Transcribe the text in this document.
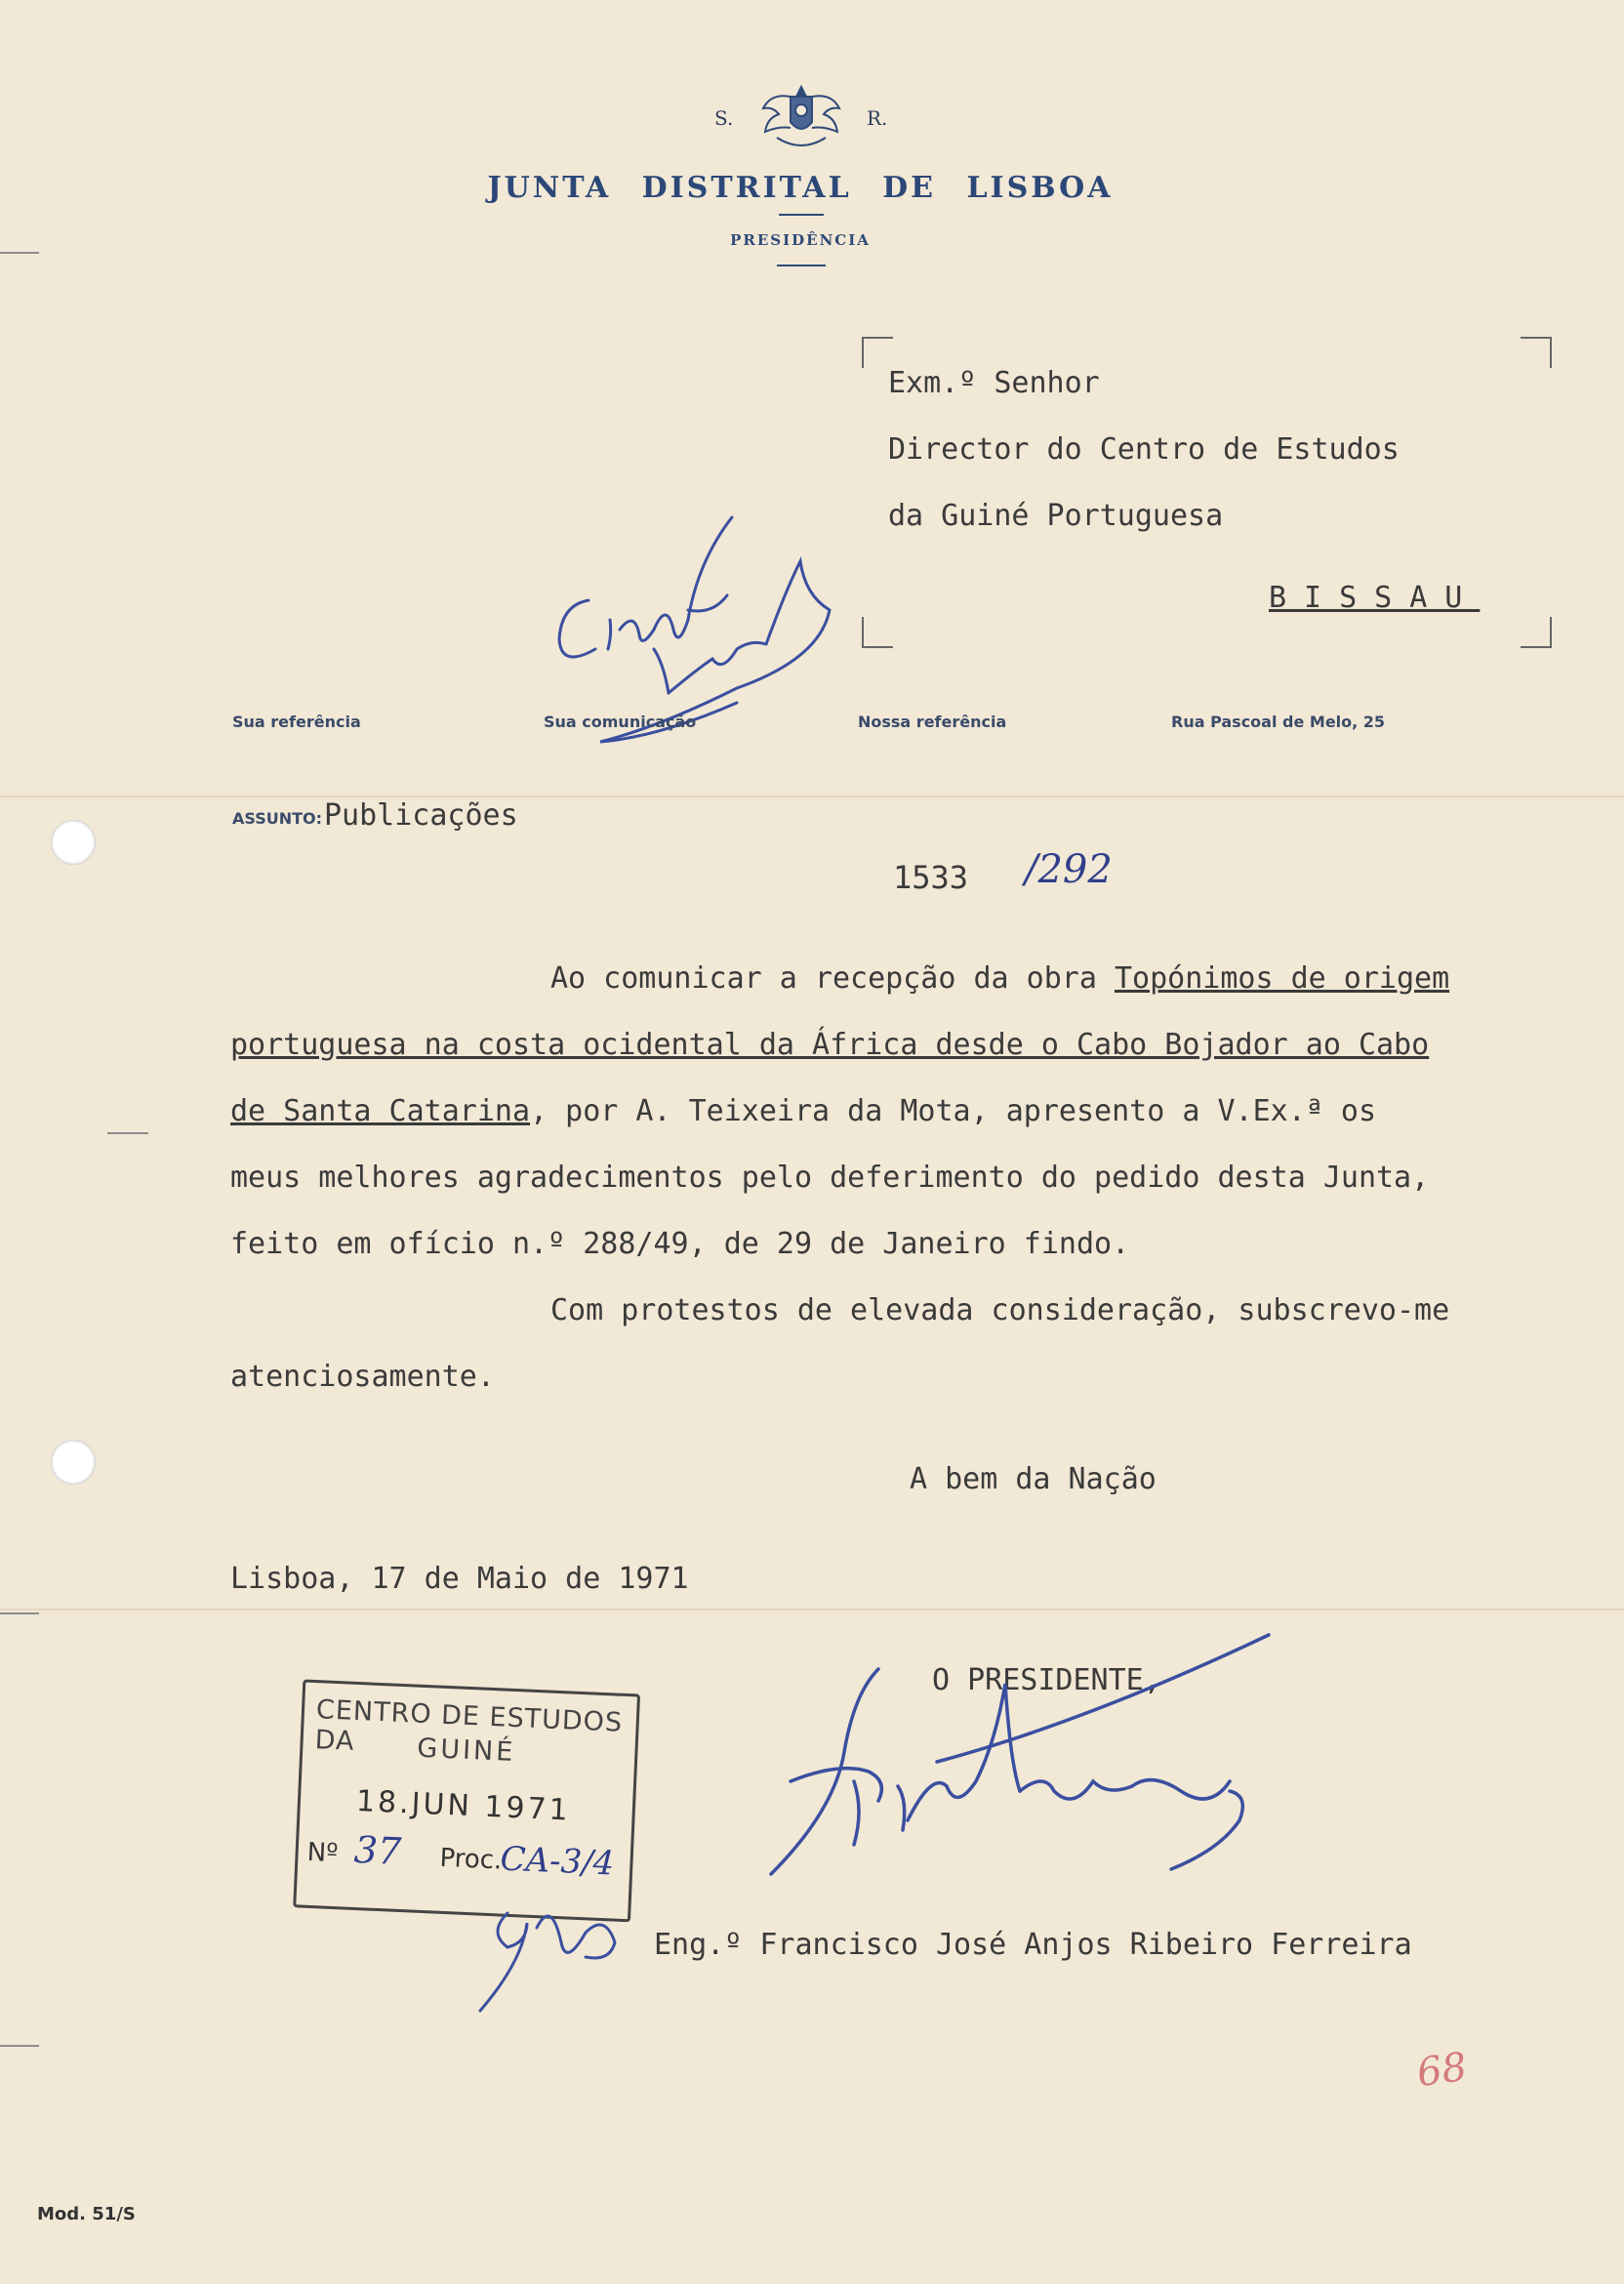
S.	R.
JUNTA DISTRITAL DE LISBOA
PRESIDÊNCIA
Exm.º Senhor
Director do Centro de Estudos
da Guiné Portuguesa
BISSAU
Sua referência	Sua comunicação	Nossa referência	Rua Pascoal de Melo, 25
ASSUNTO: Publicações
1533 /292
Ao comunicar a recepção da obra Topónimos de origem
portuguesa na costa ocidental da África desde o Cabo Bojador ao Cabo
de Santa Catarina, por A. Teixeira da Mota, apresento a V.Ex.ª os
meus melhores agradecimentos pelo deferimento do pedido desta Junta,
feito em ofício n.º 288/49, de 29 de Janeiro findo.
Com protestos de elevada consideração, subscrevo-me
atenciosamente.
A bem da Nação
Lisboa, 17 de Maio de 1971
O PRESIDENTE,
Eng.º Francisco José Anjos Ribeiro Ferreira
CENTRO DE ESTUDOS DA	GUINÉ
18.JUN 1971
Nº 37 Proc.
CA-3/4
Mod. 51/S
68
